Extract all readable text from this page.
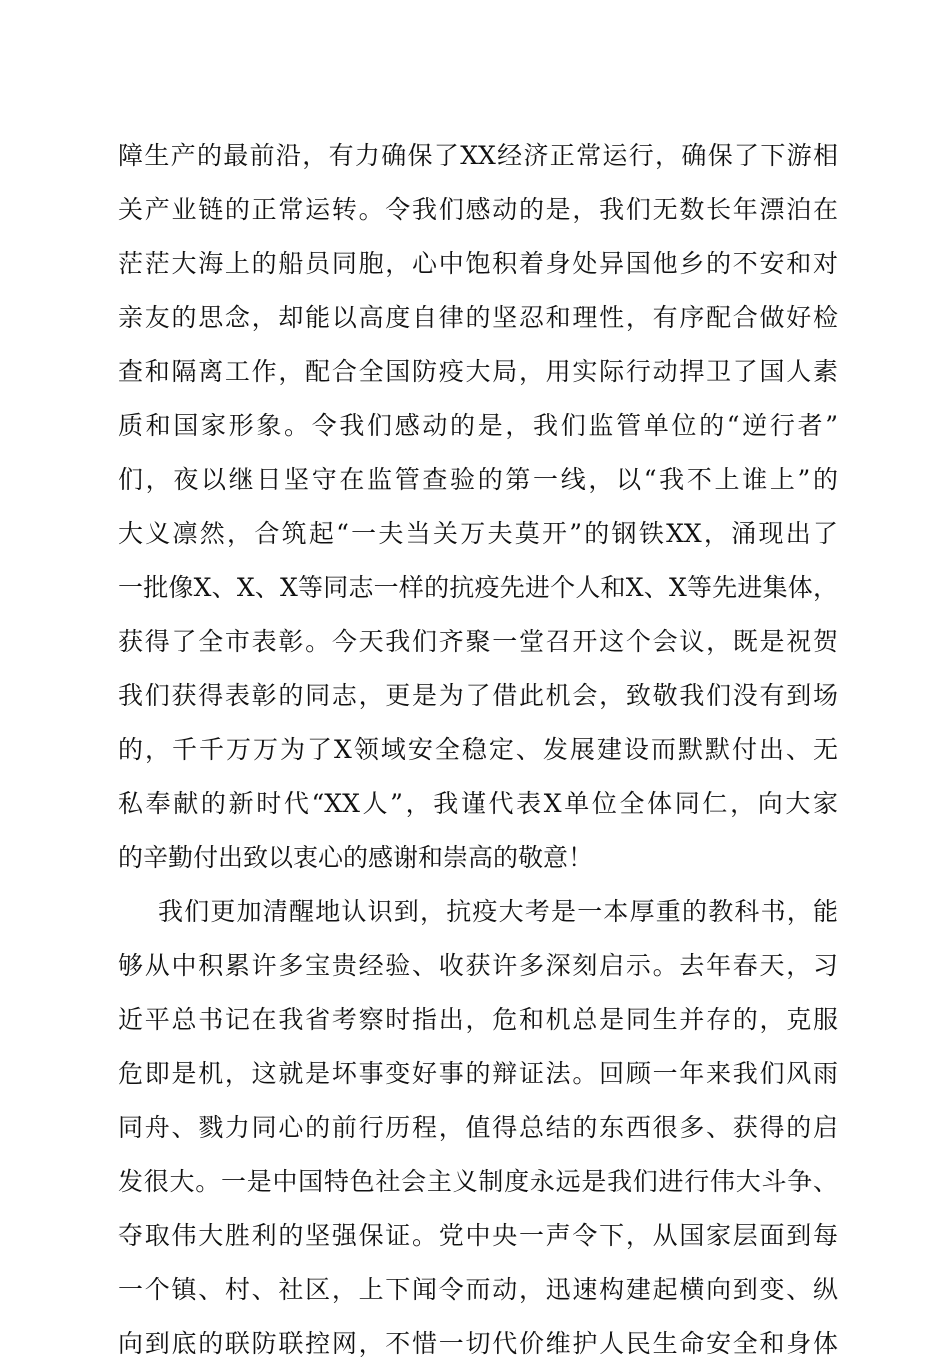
障生产的最前沿，有力确保了XX经济正常运行，确保了下游相
关产业链的正常运转。令我们感动的是，我们无数长年漂泊在
茫茫大海上的船员同胞，心中饱积着身处异国他乡的不安和对
亲友的思念，却能以高度自律的坚忍和理性，有序配合做好检
查和隔离工作，配合全国防疫大局，用实际行动捍卫了国人素
质和国家形象。令我们感动的是，我们监管单位的“逆行者”
们，夜以继日坚守在监管查验的第一线，以“我不上谁上”的
大义凛然，合筑起“一夫当关万夫莫开”的钢铁XX，涌现出了
一批像X、X、X等同志一样的抗疫先进个人和X、X等先进集体，
获得了全市表彰。今天我们齐聚一堂召开这个会议，既是祝贺
我们获得表彰的同志，更是为了借此机会，致敬我们没有到场
的，千千万万为了X领域安全稳定、发展建设而默默付出、无
私奉献的新时代“XX人”，我谨代表X单位全体同仁，向大家
的辛勤付出致以衷心的感谢和崇高的敬意！
我们更加清醒地认识到，抗疫大考是一本厚重的教科书，能
够从中积累许多宝贵经验、收获许多深刻启示。去年春天，习
近平总书记在我省考察时指出，危和机总是同生并存的，克服
危即是机，这就是坏事变好事的辩证法。回顾一年来我们风雨
同舟、戮力同心的前行历程，值得总结的东西很多、获得的启
发很大。一是中国特色社会主义制度永远是我们进行伟大斗争、
夺取伟大胜利的坚强保证。党中央一声令下，从国家层面到每
一个镇、村、社区，上下闻令而动，迅速构建起横向到变、纵
向到底的联防联控网，不惜一切代价维护人民生命安全和身体
